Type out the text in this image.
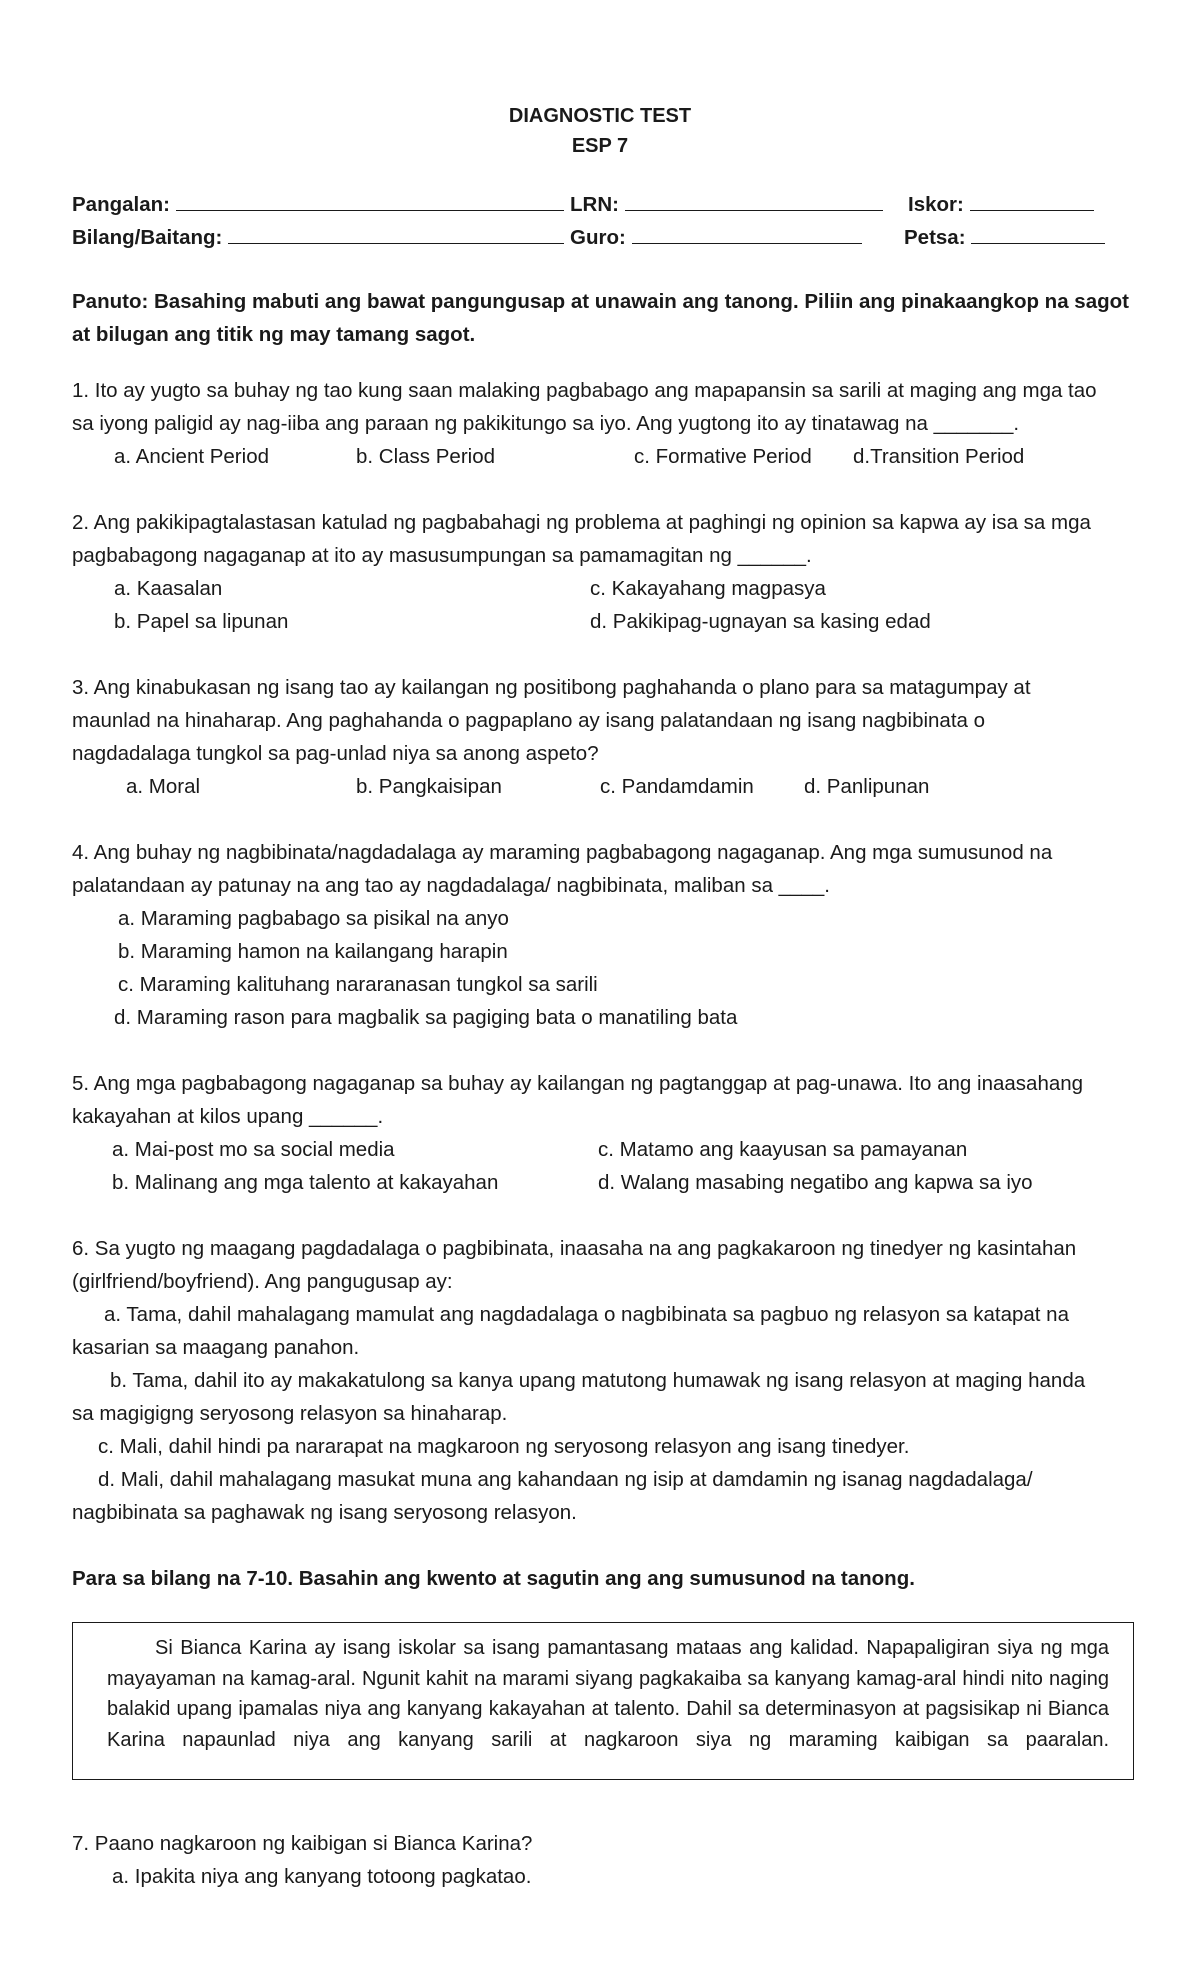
DIAGNOSTIC TEST
ESP 7
Pangalan:	LRN:	Iskor:
Bilang/Baitang:	Guro:	Petsa:
Panuto: Basahing mabuti ang bawat pangungusap at unawain ang tanong. Piliin ang pinakaangkop na sagot
at bilugan ang titik ng may tamang sagot.
1. Ito ay yugto sa buhay ng tao kung saan malaking pagbabago ang mapapansin sa sarili at maging ang mga tao
sa iyong paligid ay nag-iiba ang paraan ng pakikitungo sa iyo. Ang yugtong ito ay tinatawag na _______.
a. Ancient Period	b. Class Period	c. Formative Period d.Transition Period
2. Ang pakikipagtalastasan katulad ng pagbabahagi ng problema at paghingi ng opinion sa kapwa ay isa sa mga
pagbabagong nagaganap at ito ay masusumpungan sa pamamagitan ng ______.
a. Kaasalan	c. Kakayahang magpasya
b. Papel sa lipunan	d. Pakikipag-ugnayan sa kasing edad
3. Ang kinabukasan ng isang tao ay kailangan ng positibong paghahanda o plano para sa matagumpay at
maunlad na hinaharap. Ang paghahanda o pagpaplano ay isang palatandaan ng isang nagbibinata o
nagdadalaga tungkol sa pag-unlad niya sa anong aspeto?
a. Moral	b. Pangkaisipan	c. Pandamdamin d. Panlipunan
4. Ang buhay ng nagbibinata/nagdadalaga ay maraming pagbabagong nagaganap. Ang mga sumusunod na
palatandaan ay patunay na ang tao ay nagdadalaga/ nagbibinata, maliban sa ____.
a. Maraming pagbabago sa pisikal na anyo
b. Maraming hamon na kailangang harapin
c. Maraming kalituhang nararanasan tungkol sa sarili
d. Maraming rason para magbalik sa pagiging bata o manatiling bata
5. Ang mga pagbabagong nagaganap sa buhay ay kailangan ng pagtanggap at pag-unawa. Ito ang inaasahang
kakayahan at kilos upang ______.
a. Mai-post mo sa social media	c. Matamo ang kaayusan sa pamayanan
b. Malinang ang mga talento at kakayahan	d. Walang masabing negatibo ang kapwa sa iyo
6. Sa yugto ng maagang pagdadalaga o pagbibinata, inaasaha na ang pagkakaroon ng tinedyer ng kasintahan
(girlfriend/boyfriend). Ang pangugusap ay:
a. Tama, dahil mahalagang mamulat ang nagdadalaga o nagbibinata sa pagbuo ng relasyon sa katapat na
kasarian sa maagang panahon.
b. Tama, dahil ito ay makakatulong sa kanya upang matutong humawak ng isang relasyon at maging handa
sa magigigng seryosong relasyon sa hinaharap.
c. Mali, dahil hindi pa nararapat na magkaroon ng seryosong relasyon ang isang tinedyer.
d. Mali, dahil mahalagang masukat muna ang kahandaan ng isip at damdamin ng isanag nagdadalaga/
nagbibinata sa paghawak ng isang seryosong relasyon.
Para sa bilang na 7-10. Basahin ang kwento at sagutin ang ang sumusunod na tanong.
Si Bianca Karina ay isang iskolar sa isang pamantasang mataas ang kalidad. Napapaligiran siya ng mga mayayaman na kamag-aral. Ngunit kahit na marami siyang pagkakaiba sa kanyang kamag-aral hindi nito naging balakid upang ipamalas niya ang kanyang kakayahan at talento. Dahil sa determinasyon at pagsisikap ni Bianca Karina napaunlad niya ang kanyang sarili at nagkaroon siya ng maraming kaibigan sa paaralan.
7. Paano nagkaroon ng kaibigan si Bianca Karina?
a. Ipakita niya ang kanyang totoong pagkatao.
